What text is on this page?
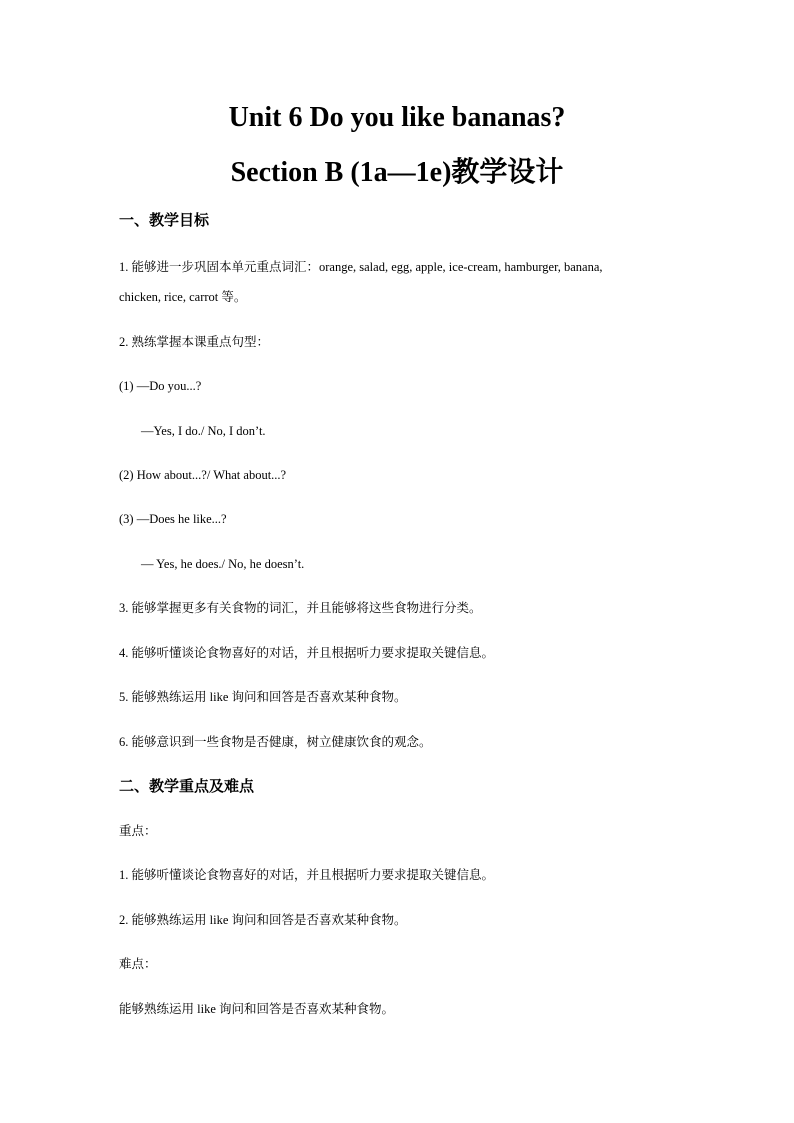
Unit 6 Do you like bananas?
Section B (1a—1e)教学设计
一、教学目标
1. 能够进一步巩固本单元重点词汇：orange, salad, egg, apple, ice-cream, hamburger, banana,
chicken, rice, carrot 等。
2. 熟练掌握本课重点句型：
(1) —Do you...?
—Yes, I do./ No, I don’t.
(2) How about...?/ What about...?
(3) —Does he like...?
— Yes, he does./ No, he doesn’t.
3. 能够掌握更多有关食物的词汇，并且能够将这些食物进行分类。
4. 能够听懂谈论食物喜好的对话，并且根据听力要求提取关键信息。
5. 能够熟练运用 like 询问和回答是否喜欢某种食物。
6. 能够意识到一些食物是否健康，树立健康饮食的观念。
二、教学重点及难点
重点：
1. 能够听懂谈论食物喜好的对话，并且根据听力要求提取关键信息。
2. 能够熟练运用 like 询问和回答是否喜欢某种食物。
难点：
能够熟练运用 like 询问和回答是否喜欢某种食物。
